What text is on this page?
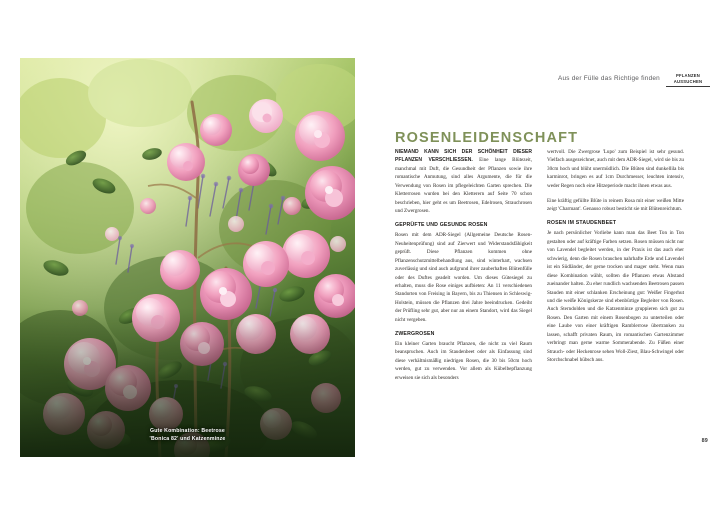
Gute Kombination: Beetrose
'Bonica 82' und Katzenminze
Aus der Fülle das Richtige finden	PFLANZEN
AUSSUCHEN
ROSENLEIDENSCHAFT

NIEMAND KANN SICH DER SCHÖNHEIT DIESER PFLANZEN VERSCHLIESSEN. Eine lange Blütezeit, manchmal mit Duft, die Gesundheit der Pflanzen sowie ihre romantische Anmutung, sind alles Argumente, die für die Verwendung von Rosen im pflegeleichten Garten sprechen. Die Kletterrosen wurden bei den Kletterern auf Seite 70 schon beschrieben, hier geht es um Beetrosen, Edelrosen, Strauchrosen und Zwergrosen.

GEPRÜFTE UND GESUNDE ROSEN

Rosen mit dem ADR-Siegel (Allgemeine Deutsche Rosen-Neuheitenprüfung) sind auf Zierwert und Widerstandsfähigkeit geprüft. Diese Pflanzen kommen ohne Pflanzenschutzmittelbehandlung aus, sind winterhart, wachsen zuverlässig und sind auch aufgrund ihrer zauberhaften Blütenfülle oder des Duftes geadelt worden. Um dieses Gütesiegel zu erhalten, muss die Rose einiges aufbieten: An 11 verschiedenen Standorten von Freising in Bayern, bis zu Thiensen in Schleswig-Holstein, müssen die Pflanzen drei Jahre beeindrucken. Gedeiht der Prüfling sehr gut, aber nur an einem Standort, wird das Siegel nicht vergeben.

ZWERGROSEN

Ein kleiner Garten braucht Pflanzen, die nicht zu viel Raum beanspruchen. Auch im Staudenbeet oder als Einfassung sind diese verhältnismäßig niedrigen Rosen, die 30 bis 50cm hoch werden, gut zu verwenden. Vor allem als Kübelbepflanzung erweisen sie sich als besonders

wertvoll. Die Zwergrose 'Lupo' zum Beispiel ist sehr gesund. Vielfach ausgezeichnet, auch mit dem ADR-Siegel, wird sie bis zu 30cm hoch und blüht unermüdlich. Die Blüten sind dunkellila bis karminrot, bringen es auf 1cm Durchmesser, leuchten intensiv, weder Regen noch eine Hitzeperiode macht ihnen etwas aus.

Eine kräftig gefüllte Blüte in reinem Rosa mit einer weißen Mitte zeigt 'Charmant'. Genauso robust besticht sie mit Blütenreichtum.

ROSEN IM STAUDENBEET

Je nach persönlicher Vorliebe kann man das Beet Ton in Ton gestalten oder auf kräftige Farben setzen. Rosen müssen nicht nur von Lavendel begleitet werden, in der Praxis ist das auch eher schwierig, denn die Rosen brauchen nahrhafte Erde und Lavendel ist ein Südländer, der gerne trocken und mager steht. Wenn man diese Kombination wählt, sollten die Pflanzen etwas Abstand zueinander halten. Zu eher rundlich wachsenden Beetrosen passen Stauden mit einer schlanken Erscheinung gut: Weißer Fingerhut und die weiße Königskerze sind ebenbürtige Begleiter von Rosen. Auch Sterndolden und die Katzenminze gruppieren sich gut zu Rosen. Den Garten mit einem Rosenbogen zu unterteilen oder eine Laube von einer kräftigen Ramblerrose übertranken zu lassen, schafft privaten Raum, im romantischen Gartenzimmer verbringt man gerne warme Sommerabende. Zu Füßen einer Strauch- oder Heckenrose sehen Woll-Ziest, Blau-Schwingel oder Storchschnabel hübsch aus.

89
